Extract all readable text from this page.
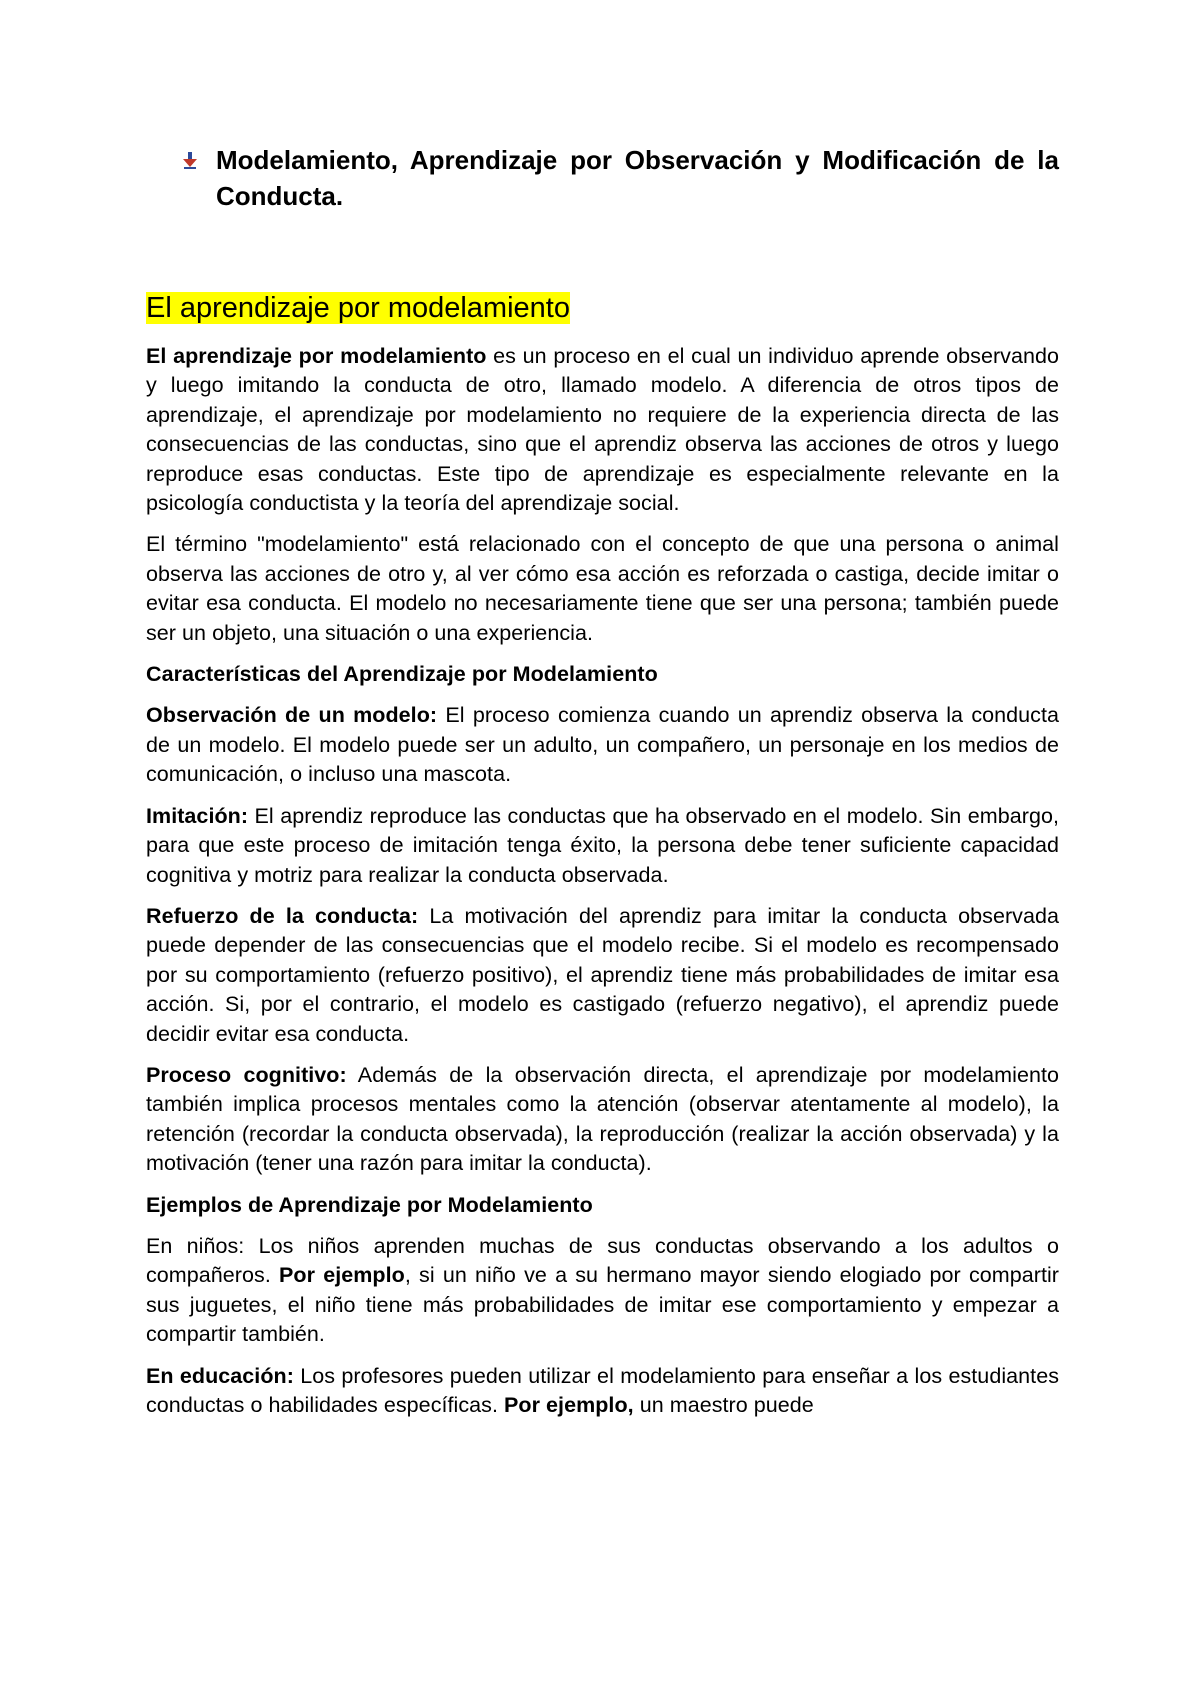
Modelamiento, Aprendizaje por Observación y Modificación de la Conducta.
El aprendizaje por modelamiento

El aprendizaje por modelamiento es un proceso en el cual un individuo aprende observando y luego imitando la conducta de otro, llamado modelo. A diferencia de otros tipos de aprendizaje, el aprendizaje por modelamiento no requiere de la experiencia directa de las consecuencias de las conductas, sino que el aprendiz observa las acciones de otros y luego reproduce esas conductas. Este tipo de aprendizaje es especialmente relevante en la psicología conductista y la teoría del aprendizaje social.

El término "modelamiento" está relacionado con el concepto de que una persona o animal observa las acciones de otro y, al ver cómo esa acción es reforzada o castiga, decide imitar o evitar esa conducta. El modelo no necesariamente tiene que ser una persona; también puede ser un objeto, una situación o una experiencia.

Características del Aprendizaje por Modelamiento

Observación de un modelo: El proceso comienza cuando un aprendiz observa la conducta de un modelo. El modelo puede ser un adulto, un compañero, un personaje en los medios de comunicación, o incluso una mascota.

Imitación: El aprendiz reproduce las conductas que ha observado en el modelo. Sin embargo, para que este proceso de imitación tenga éxito, la persona debe tener suficiente capacidad cognitiva y motriz para realizar la conducta observada.

Refuerzo de la conducta: La motivación del aprendiz para imitar la conducta observada puede depender de las consecuencias que el modelo recibe. Si el modelo es recompensado por su comportamiento (refuerzo positivo), el aprendiz tiene más probabilidades de imitar esa acción. Si, por el contrario, el modelo es castigado (refuerzo negativo), el aprendiz puede decidir evitar esa conducta.

Proceso cognitivo: Además de la observación directa, el aprendizaje por modelamiento también implica procesos mentales como la atención (observar atentamente al modelo), la retención (recordar la conducta observada), la reproducción (realizar la acción observada) y la motivación (tener una razón para imitar la conducta).

Ejemplos de Aprendizaje por Modelamiento

En niños: Los niños aprenden muchas de sus conductas observando a los adultos o compañeros. Por ejemplo, si un niño ve a su hermano mayor siendo elogiado por compartir sus juguetes, el niño tiene más probabilidades de imitar ese comportamiento y empezar a compartir también.

En educación: Los profesores pueden utilizar el modelamiento para enseñar a los estudiantes conductas o habilidades específicas. Por ejemplo, un maestro puede
